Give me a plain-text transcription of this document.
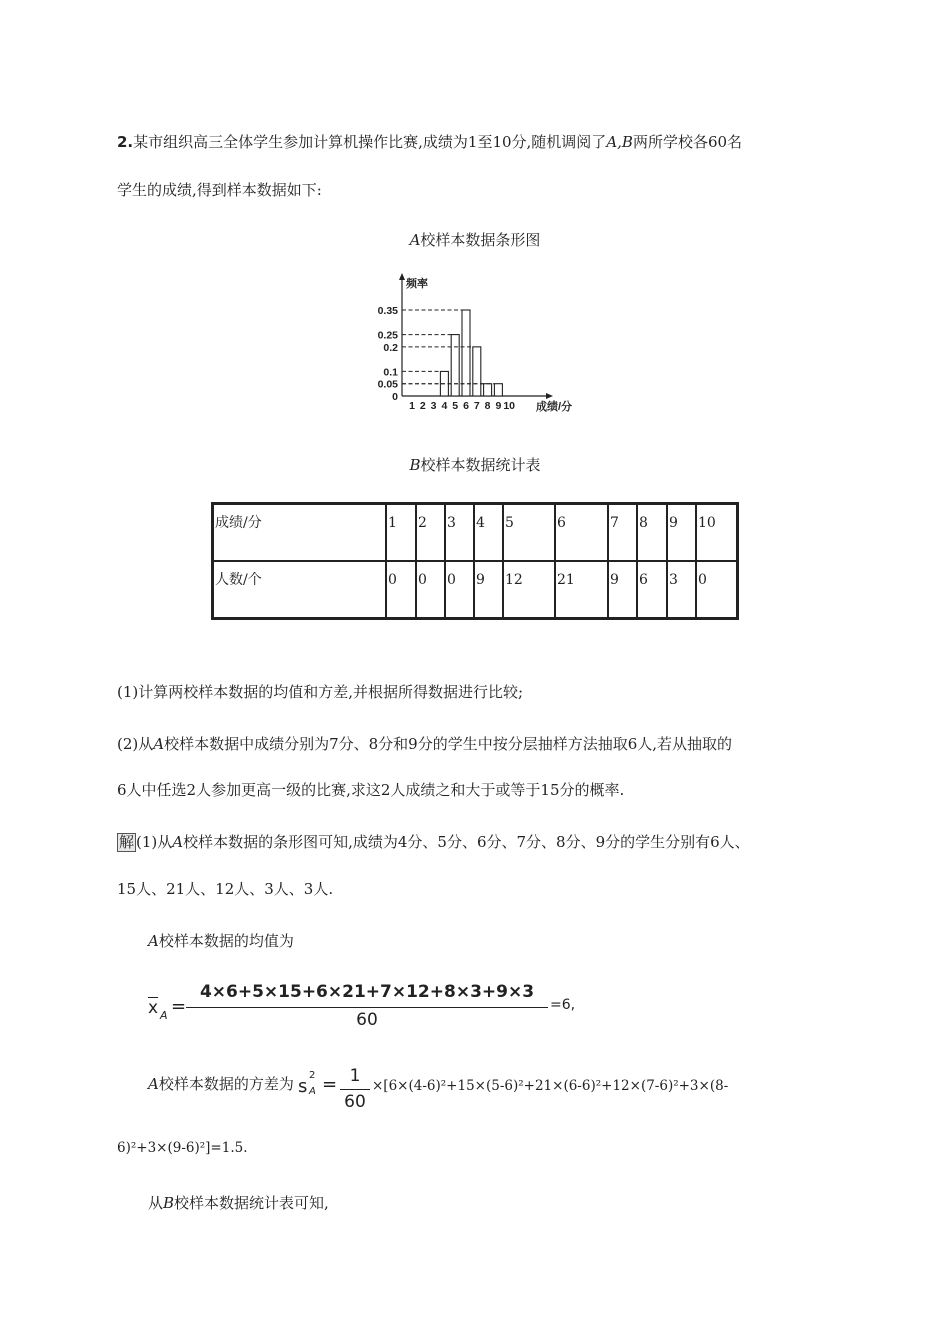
2.某市组织高三全体学生参加计算机操作比赛,成绩为1至10分,随机调阅了A,B两所学校各60名
学生的成绩,得到样本数据如下:
A校样本数据条形图
频率
成绩/分
0
0.05
0.1
0.2
0.25
0.35
1 2 3 4 5 6 7 8 9 10
B校样本数据统计表
成绩/分	1	2	3	4	5	6	7	8	9	10
人数/个	0	0	0	9	12	21	9	6	3	0
(1)计算两校样本数据的均值和方差,并根据所得数据进行比较;
(2)从A校样本数据中成绩分别为7分、8分和9分的学生中按分层抽样方法抽取6人,若从抽取的
6人中任选2人参加更高一级的比赛,求这2人成绩之和大于或等于15分的概率.
解 (1)从A校样本数据的条形图可知,成绩为4分、5分、6分、7分、8分、9分的学生分别有6人、
15人、21人、12人、3人、3人.
A校样本数据的均值为
$\overline{x}$ A =
4×6+5×15+6×21+7×12+8×3+9×3
60
=6,
A校样本数据的方差为 s
2
A = 1
60
×[6×(4-6)²+15×(5-6)²+21×(6-6)²+12×(7-6)²+3×(8-
6)²+3×(9-6)²]=1.5.
从B校样本数据统计表可知,
